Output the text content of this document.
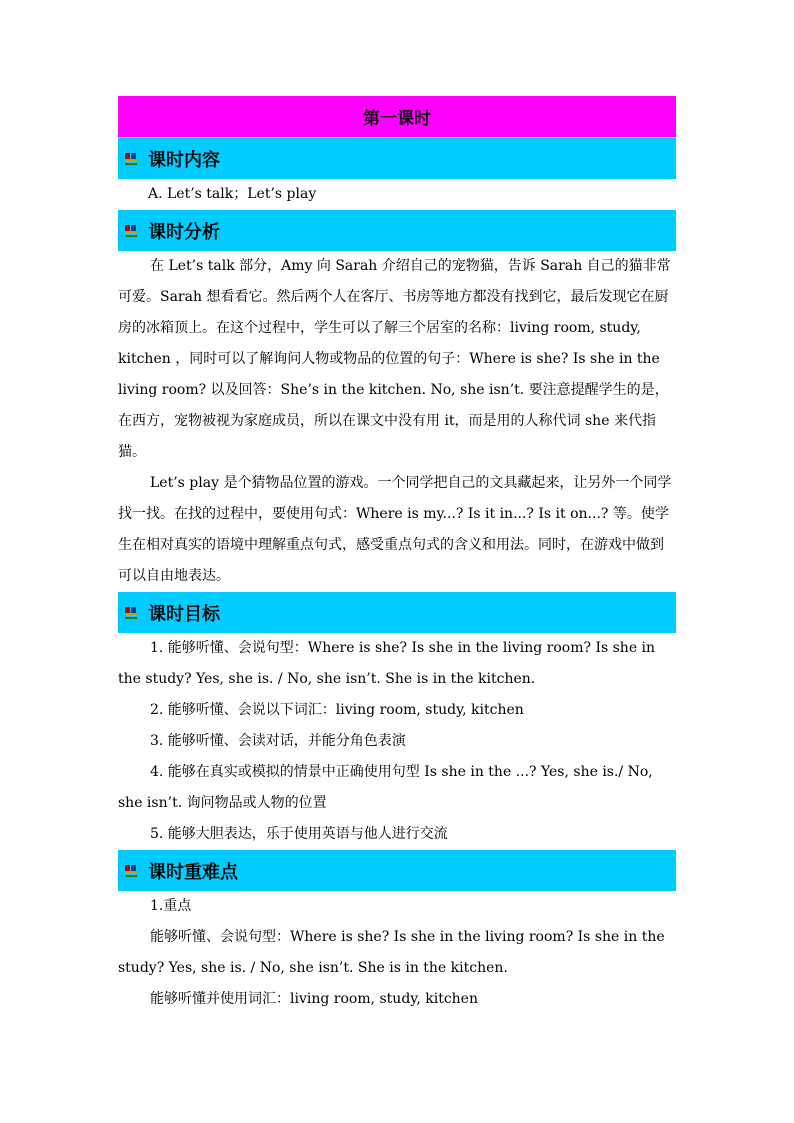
第一课时
课时内容

A. Let’s talk；Let’s play

课时分析

在 Let’s talk 部分，Amy 向 Sarah 介绍自己的宠物猫，告诉 Sarah 自己的猫非常可爱。Sarah 想看看它。然后两个人在客厅、书房等地方都没有找到它，最后发现它在厨房的冰箱顶上。在这个过程中，学生可以了解三个居室的名称：living room, study, kitchen ，同时可以了解询问人物或物品的位置的句子：Where is she? Is she in the living room? 以及回答：She’s in the kitchen. No, she isn’t. 要注意提醒学生的是，在西方，宠物被视为家庭成员，所以在课文中没有用 it，而是用的人称代词 she 来代指猫。

Let’s play 是个猜物品位置的游戏。一个同学把自己的文具藏起来，让另外一个同学找一找。在找的过程中，要使用句式：Where is my...? Is it in...? Is it on...? 等。使学生在相对真实的语境中理解重点句式，感受重点句式的含义和用法。同时，在游戏中做到可以自由地表达。

课时目标

1. 能够听懂、会说句型：Where is she? Is she in the living room? Is she in the study? Yes, she is. / No, she isn’t. She is in the kitchen.

2. 能够听懂、会说以下词汇：living room, study, kitchen

3. 能够听懂、会读对话，并能分角色表演

4. 能够在真实或模拟的情景中正确使用句型 Is she in the ...? Yes, she is./ No, she isn’t. 询问物品或人物的位置

5. 能够大胆表达，乐于使用英语与他人进行交流

课时重难点

1.重点

能够听懂、会说句型：Where is she? Is she in the living room? Is she in the study? Yes, she is. / No, she isn’t. She is in the kitchen.

能够听懂并使用词汇：living room, study, kitchen
